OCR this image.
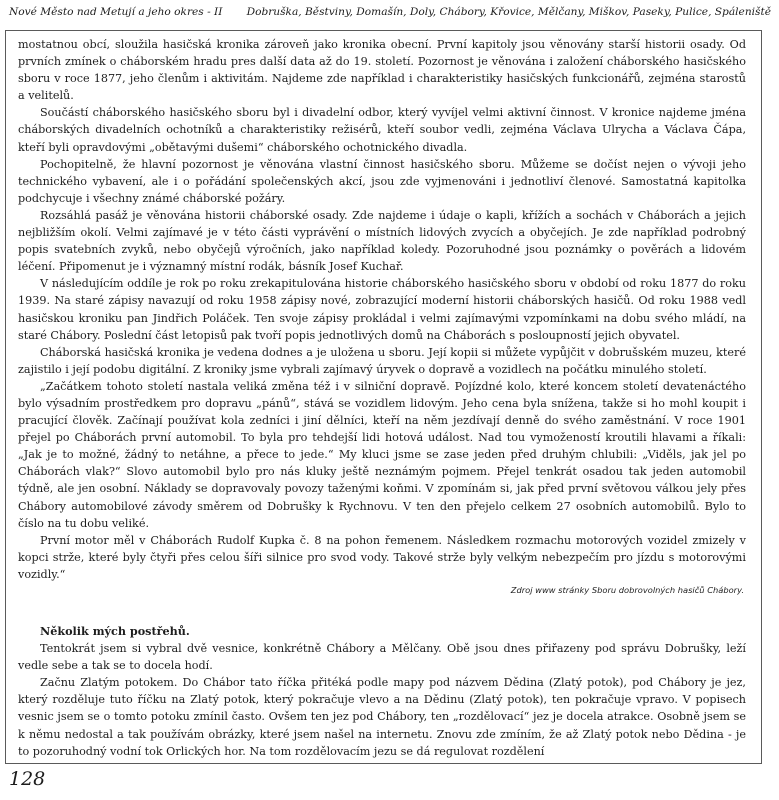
Nové Město nad Metují a jeho okres - II Dobruška, Běstviny, Domašín, Doly, Chábory, Křovice, Mělčany, Miškov, Paseky, Pulice, Spáleniště

mostatnou obcí, sloužila hasičská kronika zároveň jako kronika obecní. První kapitoly jsou věnovány starší historii osady. Od prvních zmínek o cháborském hradu pres další data až do 19. století. Pozornost je věnována i založení cháborského hasičského sboru v roce 1877, jeho členům i aktivitám. Najdeme zde například i charakteristiky hasičských funkcionářů, zejména starostů a velitelů.

Součástí cháborského hasičského sboru byl i divadelní odbor, který vyvíjel velmi aktivní činnost. V kronice najdeme jména cháborských divadelních ochotníků a charakteristiky režisérů, kteří soubor vedli, zejména Václava Ulrycha a Václava Čápa, kteří byli opravdovými „obětavými dušemi“ cháborského ochotnického divadla.

Pochopitelně, že hlavní pozornost je věnována vlastní činnost hasičského sboru. Můžeme se dočíst nejen o vývoji jeho technického vybavení, ale i o pořádání společenských akcí, jsou zde vyjmenováni i jednotliví členové. Samostatná kapitolka podchycuje i všechny známé cháborské požáry.

Rozsáhlá pasáž je věnována historii cháborské osady. Zde najdeme i údaje o kapli, křížích a sochách v Cháborách a jejich nejbližším okolí. Velmi zajímavé je v této části vyprávění o místních lidových zvycích a obyčejích. Je zde například podrobný popis svatebních zvyků, nebo obyčejů výročních, jako například koledy. Pozoruhodné jsou poznámky o pověrách a lidovém léčení. Připomenut je i významný místní rodák, básník Josef Kuchař.

V následujícím oddíle je rok po roku zrekapitulována historie cháborského hasičského sboru v období od roku 1877 do roku 1939. Na staré zápisy navazují od roku 1958 zápisy nové, zobrazující moderní historii cháborských hasičů. Od roku 1988 vedl hasičskou kroniku pan Jindřich Poláček. Ten svoje zápisy prokládal i velmi zajímavými vzpomínkami na dobu svého mládí, na staré Chábory. Poslední část letopisů pak tvoří popis jednotlivých domů na Cháborách s posloupností jejich obyvatel.

Cháborská hasičská kronika je vedena dodnes a je uložena u sboru. Její kopii si můžete vypůjčit v dobrušském muzeu, které zajistilo i její podobu digitální. Z kroniky jsme vybrali zajímavý úryvek o dopravě a vozidlech na počátku minulého století.

„Začátkem tohoto století nastala veliká změna též i v silniční dopravě. Pojízdné kolo, které koncem století devatenáctého bylo výsadním prostředkem pro dopravu „pánů“, stává se vozidlem lidovým. Jeho cena byla snížena, takže si ho mohl koupit i pracující člověk. Začínají používat kola zedníci i jiní dělníci, kteří na něm jezdívají denně do svého zaměstnání. V roce 1901 přejel po Cháborách první automobil. To byla pro tehdejší lidi hotová událost. Nad tou vymožeností kroutili hlavami a říkali: „Jak je to možné, žádný to netáhne, a přece to jede.“ My kluci jsme se zase jeden před druhým chlubili: „Viděls, jak jel po Cháborách vlak?“ Slovo automobil bylo pro nás kluky ještě neznámým pojmem. Přejel tenkrát osadou tak jeden automobil týdně, ale jen osobní. Náklady se dopravovaly povozy taženými koňmi. V zpomínám si, jak před první světovou válkou jely přes Chábory automobilové závody směrem od Dobrušky k Rychnovu. V ten den přejelo celkem 27 osobních automobilů. Bylo to číslo na tu dobu veliké.

První motor měl v Cháborách Rudolf Kupka č. 8 na pohon řemenem. Následkem rozmachu motorových vozidel zmizely v kopci strže, které byly čtyři přes celou šíři silnice pro svod vody. Takové strže byly velkým nebezpečím pro jízdu s motorovými vozidly.“

Zdroj www stránky Sboru dobrovolných hasičů Chábory.
Několik mých postřehů.

Tentokrát jsem si vybral dvě vesnice, konkrétně Chábory a Mělčany. Obě jsou dnes přiřazeny pod správu Dobrušky, leží vedle sebe a tak se to docela hodí.

Začnu Zlatým potokem. Do Chábor tato říčka přitéká podle mapy pod názvem Dědina (Zlatý potok), pod Chábory je jez, který rozděluje tuto říčku na Zlatý potok, který pokračuje vlevo a na Dědinu (Zlatý potok), ten pokračuje vpravo. V popisech vesnic jsem se o tomto potoku zmínil často. Ovšem ten jez pod Chábory, ten „rozdělovací“ jez je docela atrakce. Osobně jsem se k němu nedostal a tak používám obrázky, které jsem našel na internetu. Znovu zde zmíním, že až Zlatý potok nebo Dědina - je to pozoruhodný vodní tok Orlických hor. Na tom rozdělovacím jezu se dá regulovat rozdělení

128
